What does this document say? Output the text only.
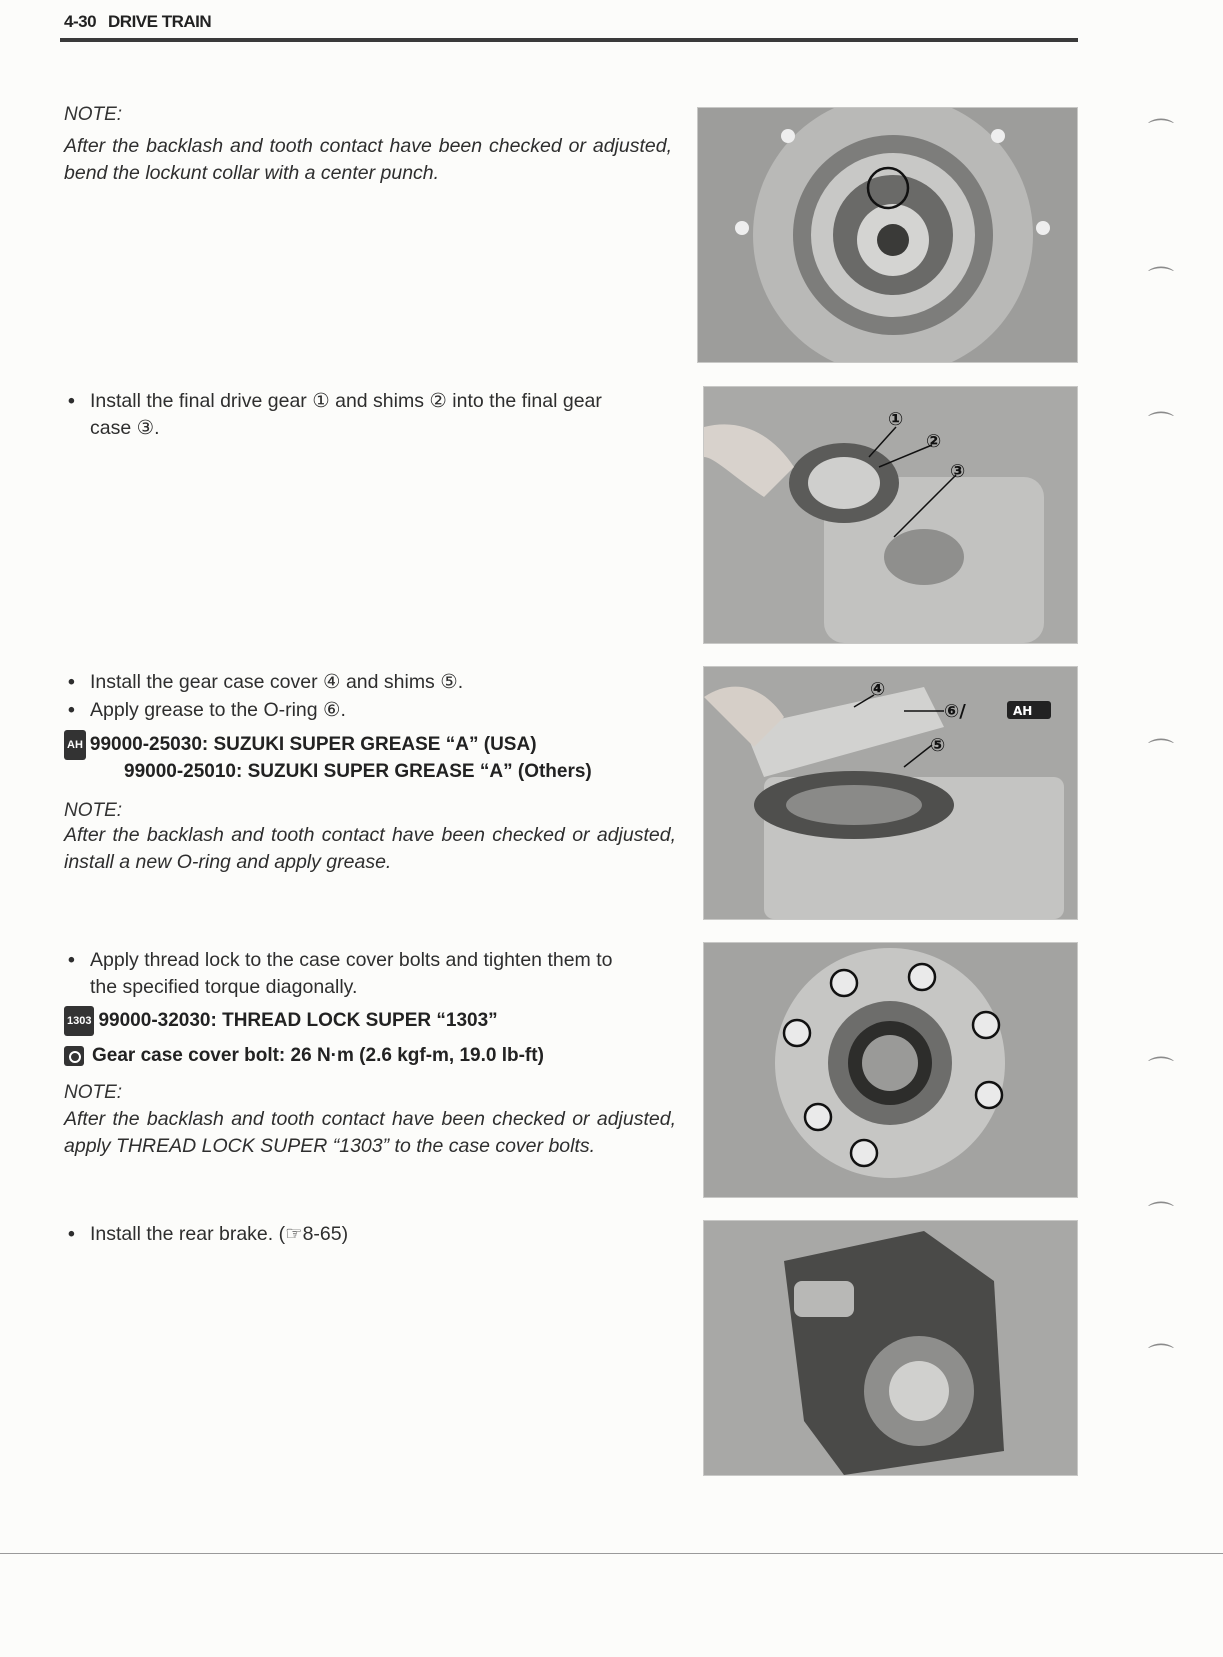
4-30 DRIVE TRAIN
NOTE:
After the backlash and tooth contact have been checked or adjusted, bend the lockunt collar with a center punch.
• Install the final drive gear ① and shims ② into the final gear
case ③.	①
②
③
• Install the gear case cover ④ and shims ⑤.
• Apply grease to the O-ring ⑥.
AH 99000-25030: SUZUKI SUPER GREASE “A” (USA)
99000-25010: SUZUKI SUPER GREASE “A” (Others)
NOTE:
After the backlash and tooth contact have been checked or adjusted, install a new O-ring and apply grease.
④
⑥/
⑤
AH
• Apply thread lock to the case cover bolts and tighten them to
the specified torque diagonally.
1303 99000-32030: THREAD LOCK SUPER “1303”
Gear case cover bolt: 26 N·m (2.6 kgf-m, 19.0 lb-ft)
NOTE:
After the backlash and tooth contact have been checked or adjusted, apply THREAD LOCK SUPER “1303” to the case cover bolts.
• Install the rear brake. (☞8-65)
⌒
⌒
⌒
⌒
⌒
⌒
⌒
